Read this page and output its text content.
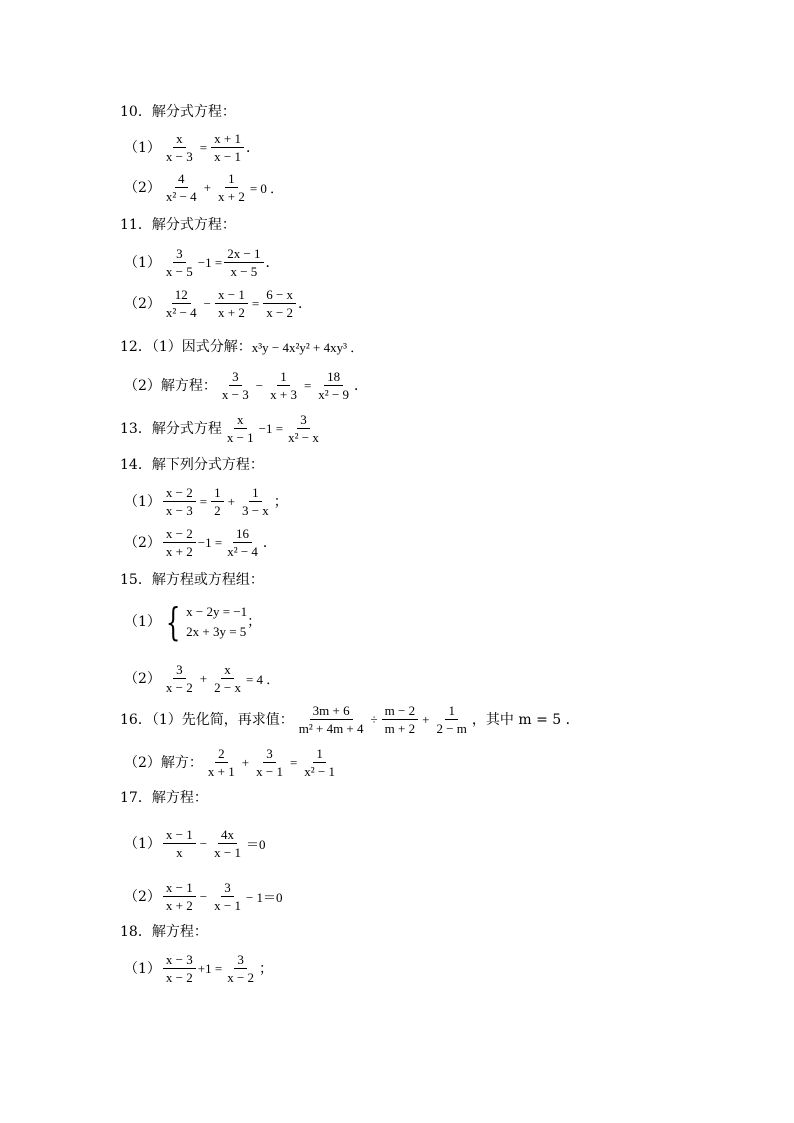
10．解分式方程：
$(1) \frac{x}{x - 3} = \frac{x + 1}{x - 1}$ ．
$(2) \frac{4}{\text{x² − 4}} + \frac{1}{x + 2} = 0$ ．
11．解分式方程：
$(1) \frac{3}{x - 5} -1 = \frac{2x - 1}{x - 5}$ ．
$(2) \frac{12}{\text{x² − 4}} - \frac{x - 1}{x + 2} = \frac{6 - x}{x - 2}$ ．
12．（1）因式分解： x³y − 4x²y² + 4xy³ ．
（2）解方程： $\frac{3}{x - 3} - \frac{1}{x + 3} = \frac{18}{\text{x² − 9}}$ ．
13．解分式方程 $\frac{x}{x - 1} -1 = \frac{3}{\text{x² − x}}$
14．解下列分式方程：
$(1) \frac{x - 2}{x - 3} = \frac{1}{2} + \frac{1}{3 - x}$ ；
$(2) \frac{x - 2}{x + 2} -1 = \frac{16}{\text{x² − 4}}$ ．
15．解方程或方程组：
（1） { x − 2y = −1
2x + 3y = 5
；
$(2) \frac{3}{x - 2} + \frac{x}{2 - x} = 4$ ．
16．（1）先化简，再求值： $\frac{3m + 6}{\text{m² + 4m + 4}} \div \frac{m - 2}{m + 2} + \frac{1}{2 - m}$ ，其中 m = 5 ．
（2）解方： $\frac{2}{x + 1} + \frac{3}{x - 1} = \frac{1}{\text{x² − 1}}$
17．解方程：
$(1) \frac{x - 1}{x} - \frac{4x}{x - 1} =0$
$(2) \frac{x - 1}{x + 2} - \frac{3}{x - 1} - 1=0$
18．解方程：
$(1) \frac{x - 3}{x - 2} +1 = \frac{3}{x - 2}$ ；
